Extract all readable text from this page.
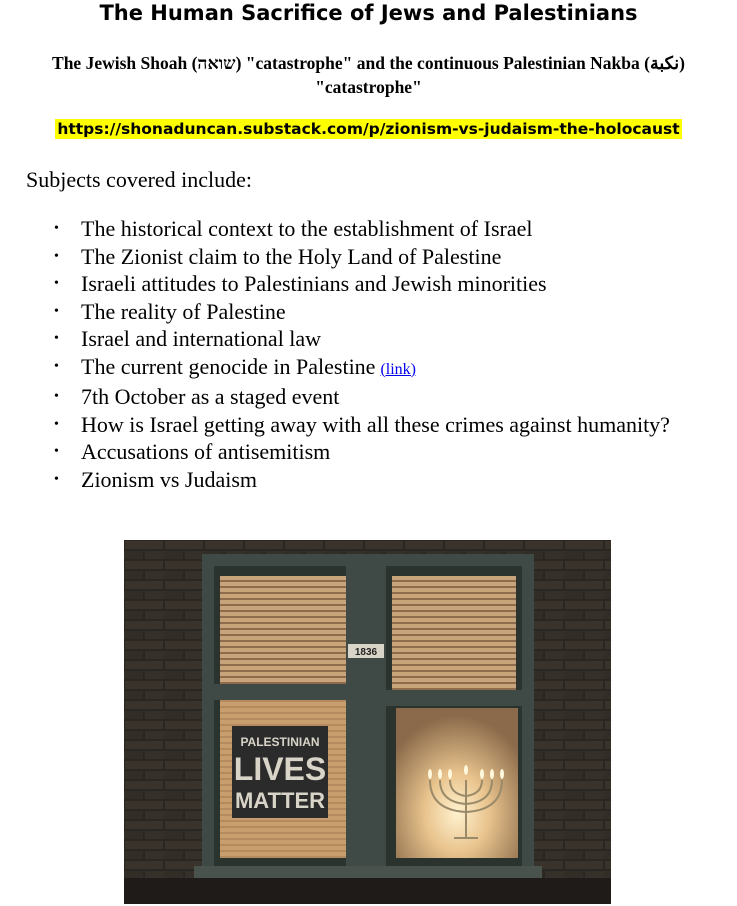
The Human Sacrifice of Jews and Palestinians
The Jewish Shoah (שואה) "catastrophe" and the continuous Palestinian Nakba (نكبة) "catastrophe"
https://shonaduncan.substack.com/p/zionism-vs-judaism-the-holocaust
Subjects covered include:
• The historical context to the establishment of Israel
• The Zionist claim to the Holy Land of Palestine
• Israeli attitudes to Palestinians and Jewish minorities
• The reality of Palestine
• Israel and international law
• The current genocide in Palestine (link)
• 7th October as a staged event
• How is Israel getting away with all these crimes against humanity?
• Accusations of antisemitism
• Zionism vs Judaism
1836
PALESTINIAN
LIVES
MATTER
